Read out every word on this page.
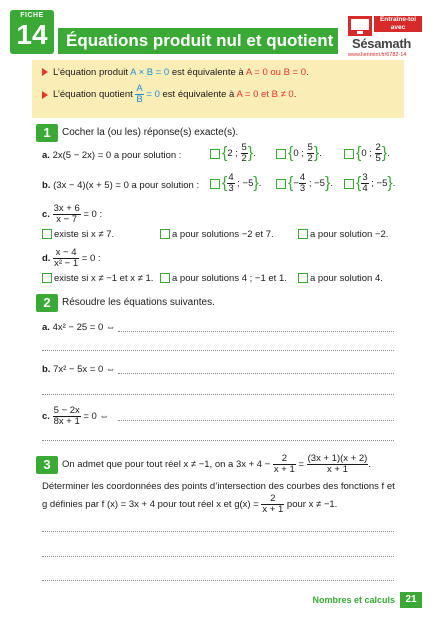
FICHE
14	Équations produit nul et quotient
Entraîne-toi avec
Sésamath
www.lienmini.fr/6782-14
L’équation produit A × B = 0 est équivalente à A = 0 ou B = 0.
L’équation quotient $\frac{A}{B} = 0$ est équivalente à A = 0 et B ≠ 0.
1	Cocher la (ou les) réponse(s) exacte(s).
a. 2x(5 − 2x) = 0 a pour solution :	{2 ; $\frac{5}{2}$ }.	{0 ; $\frac{5}{2}$ }.	{0 ; $\frac{2}{5}$ }.
b. (3x − 4)(x + 5) = 0 a pour solution :	{ $\frac{4}{3}$ ; −5}.	{− $\frac{4}{3}$ ; −5}.	{ $\frac{3}{4}$ ; −5}.
c. $\frac{3x + 6}{x - 7} = 0$ :
existe si x ≠ 7.	a pour solutions −2 et 7.	a pour solution −2.
d. $\frac{x - 4}{\text{x² − 1}} = 0$ :
existe si x ≠ −1 et x ≠ 1.	a pour solutions 4 ; −1 et 1.	a pour solution 4.
2	Résoudre les équations suivantes.
a. 4x² − 25 = 0 ⇔
b. 7x² − 5x = 0 ⇔
c. $\frac{5 - 2x}{8x + 1} = 0$ ⇔
3	On admet que pour tout réel x ≠ −1, on a $3x + 4 - \frac{2}{x + 1} = \frac{(3x + 1)(x + 2)}{x + 1}$ .
Déterminer les coordonnées des points d’intersection des courbes des fonctions f et
g définies par f (x) = 3x + 4 pour tout réel x et $g(x) = \frac{2}{x + 1}$ pour x ≠ −1.
Nombres et calculs	21
